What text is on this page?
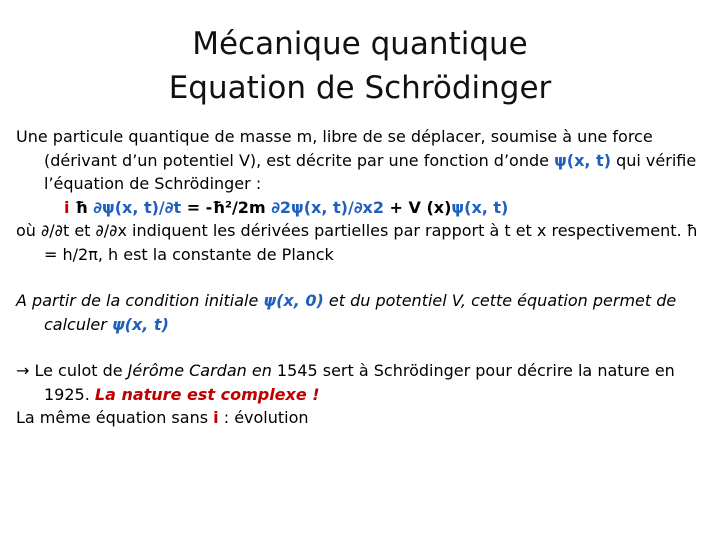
Mécanique quantique
Equation de Schrödinger

Une particule quantique de masse m, libre de se déplacer, soumise à une force (dérivant d’un potentiel V), est décrite par une fonction d’onde ψ(x, t) qui vérifie l’équation de Schrödinger :

i ħ ∂ψ(x, t)/∂t = -ħ²/2m ∂2ψ(x, t)/∂x2 + V (x)ψ(x, t)

où ∂/∂t et ∂/∂x indiquent les dérivées partielles par rapport à t et x respectivement. ħ = h/2π, h est la constante de Planck

A partir de la condition initiale ψ(x, 0) et du potentiel V, cette équation permet de calculer ψ(x, t)

→ Le culot de Jérôme Cardan en 1545 sert à Schrödinger pour décrire la nature en 1925. La nature est complexe !

La même équation sans i : évolution
